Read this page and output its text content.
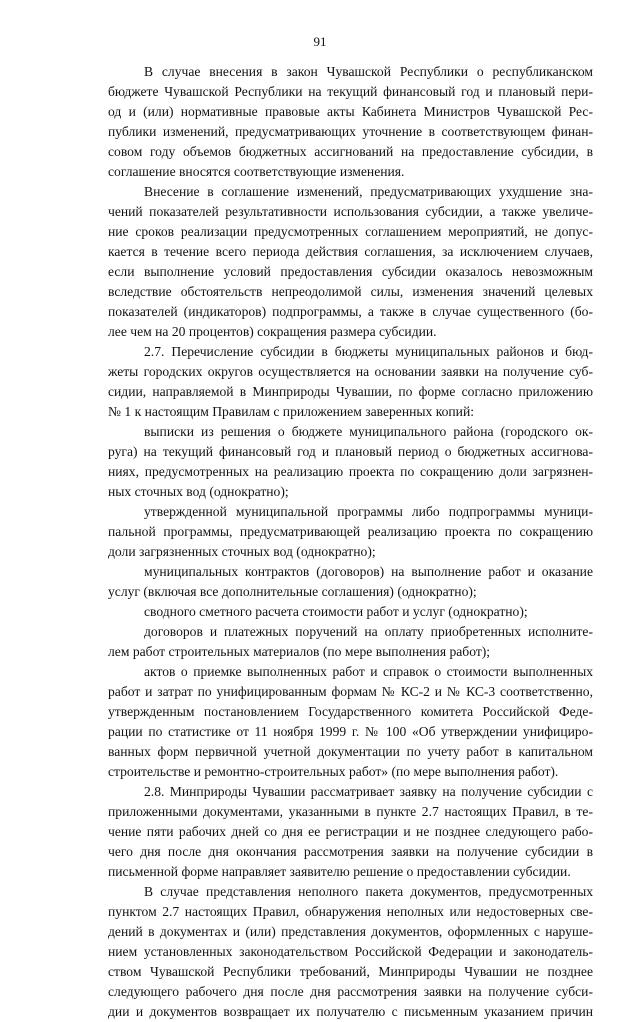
91
В случае внесения в закон Чувашской Республики о республиканском
бюджете Чувашской Республики на текущий финансовый год и плановый пери-
од и (или) нормативные правовые акты Кабинета Министров Чувашской Рес-
публики изменений, предусматривающих уточнение в соответствующем финан-
совом году объемов бюджетных ассигнований на предоставление субсидии, в
соглашение вносятся соответствующие изменения.
Внесение в соглашение изменений, предусматривающих ухудшение зна-
чений показателей результативности использования субсидии, а также увеличе-
ние сроков реализации предусмотренных соглашением мероприятий, не допус-
кается в течение всего периода действия соглашения, за исключением случаев,
если выполнение условий предоставления субсидии оказалось невозможным
вследствие обстоятельств непреодолимой силы, изменения значений целевых
показателей (индикаторов) подпрограммы, а также в случае существенного (бо-
лее чем на 20 процентов) сокращения размера субсидии.
2.7. Перечисление субсидии в бюджеты муниципальных районов и бюд-
жеты городских округов осуществляется на основании заявки на получение суб-
сидии, направляемой в Минприроды Чувашии, по форме согласно приложению
№ 1 к настоящим Правилам с приложением заверенных копий:
выписки из решения о бюджете муниципального района (городского ок-
руга) на текущий финансовый год и плановый период о бюджетных ассигнова-
ниях, предусмотренных на реализацию проекта по сокращению доли загрязнен-
ных сточных вод (однократно);
утвержденной муниципальной программы либо подпрограммы муници-
пальной программы, предусматривающей реализацию проекта по сокращению
доли загрязненных сточных вод (однократно);
муниципальных контрактов (договоров) на выполнение работ и оказание
услуг (включая все дополнительные соглашения) (однократно);
сводного сметного расчета стоимости работ и услуг (однократно);
договоров и платежных поручений на оплату приобретенных исполните-
лем работ строительных материалов (по мере выполнения работ);
актов о приемке выполненных работ и справок о стоимости выполненных
работ и затрат по унифицированным формам № КС-2 и № КС-3 соответственно,
утвержденным постановлением Государственного комитета Российской Феде-
рации по статистике от 11 ноября 1999 г. № 100 «Об утверждении унифициро-
ванных форм первичной учетной документации по учету работ в капитальном
строительстве и ремонтно-строительных работ» (по мере выполнения работ).
2.8. Минприроды Чувашии рассматривает заявку на получение субсидии с
приложенными документами, указанными в пункте 2.7 настоящих Правил, в те-
чение пяти рабочих дней со дня ее регистрации и не позднее следующего рабо-
чего дня после дня окончания рассмотрения заявки на получение субсидии в
письменной форме направляет заявителю решение о предоставлении субсидии.
В случае представления неполного пакета документов, предусмотренных
пунктом 2.7 настоящих Правил, обнаружения неполных или недостоверных све-
дений в документах и (или) представления документов, оформленных с наруше-
нием установленных законодательством Российской Федерации и законодатель-
ством Чувашской Республики требований, Минприроды Чувашии не позднее
следующего рабочего дня после дня рассмотрения заявки на получение субси-
дии и документов возвращает их получателю с письменным указанием причин
